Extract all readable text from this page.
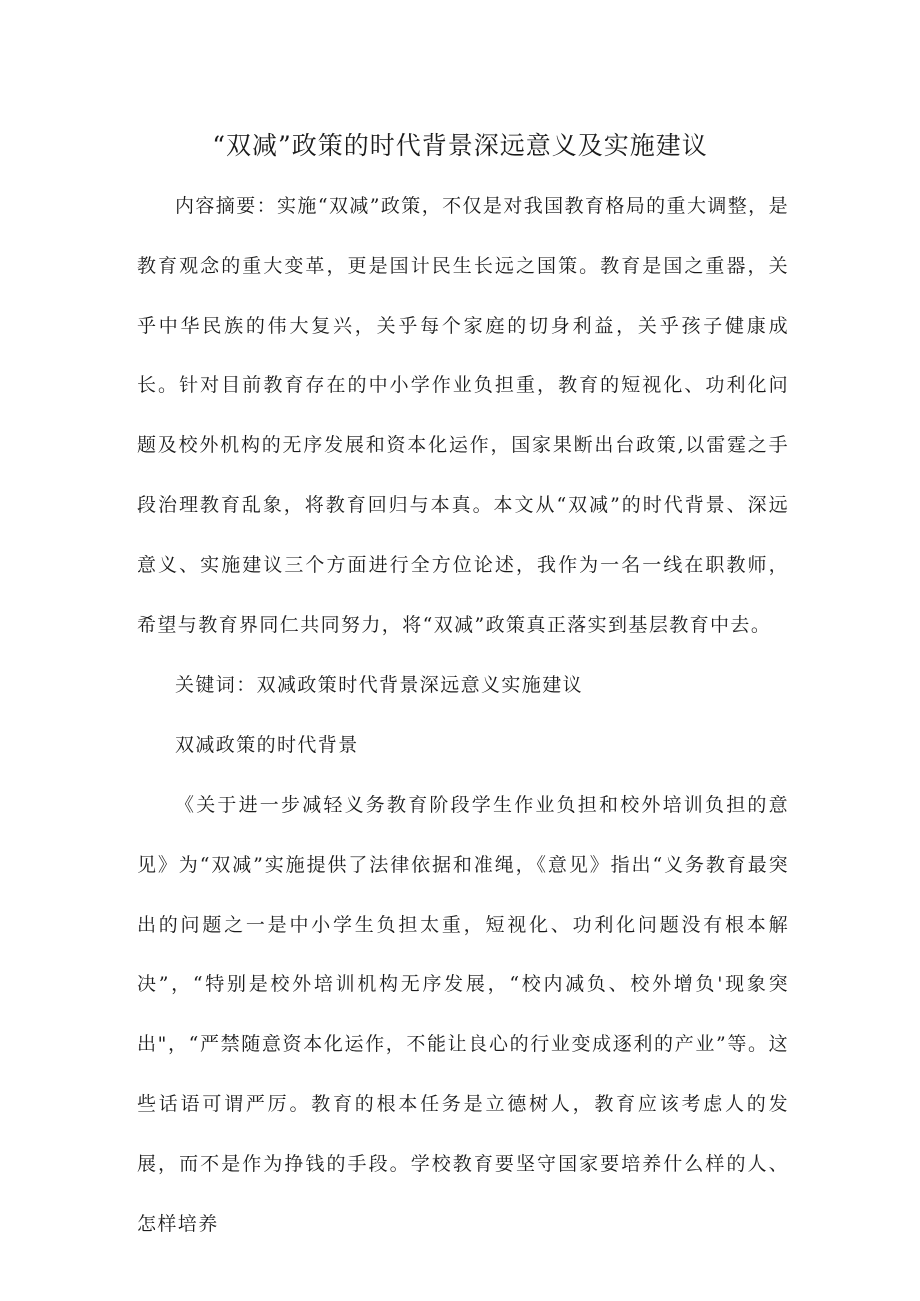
“双减”政策的时代背景深远意义及实施建议

内容摘要：实施“双减”政策，不仅是对我国教育格局的重大调整，是教育观念的重大变革，更是国计民生长远之国策。教育是国之重器，关乎中华民族的伟大复兴，关乎每个家庭的切身利益，关乎孩子健康成长。针对目前教育存在的中小学作业负担重，教育的短视化、功利化问题及校外机构的无序发展和资本化运作，国家果断出台政策,以雷霆之手段治理教育乱象，将教育回归与本真。本文从“双减”的时代背景、深远意义、实施建议三个方面进行全方位论述，我作为一名一线在职教师，希望与教育界同仁共同努力，将“双减”政策真正落实到基层教育中去。

关键词：双减政策时代背景深远意义实施建议

双减政策的时代背景

《关于进一步减轻义务教育阶段学生作业负担和校外培训负担的意见》为“双减”实施提供了法律依据和准绳，《意见》指出“义务教育最突出的问题之一是中小学生负担太重，短视化、功利化问题没有根本解决”，“特别是校外培训机构无序发展，“校内减负、校外增负'现象突出"，“严禁随意资本化运作，不能让良心的行业变成逐利的产业”等。这些话语可谓严厉。教育的根本任务是立德树人，教育应该考虑人的发展，而不是作为挣钱的手段。学校教育要坚守国家要培养什么样的人、怎样培养
